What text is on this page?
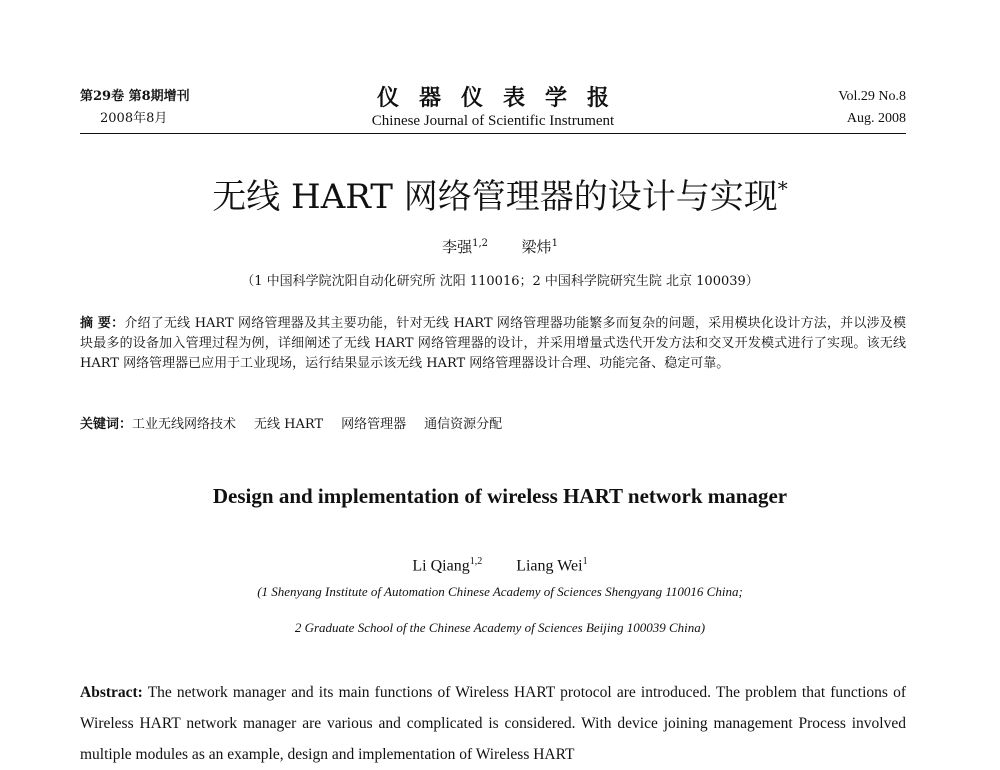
第29卷 第8期增刊
2008年8月
仪器仪表学报
Chinese Journal of Scientific Instrument
Vol.29 No.8
Aug. 2008
无线 HART 网络管理器的设计与实现*
李强$^{1,2}$ 梁炜$^1$
（1 中国科学院沈阳自动化研究所 沈阳 110016；2 中国科学院研究生院 北京 100039）
摘 要：介绍了无线 HART 网络管理器及其主要功能，针对无线 HART 网络管理器功能繁多而复杂的问题，采用模块化设计方法，并以涉及模块最多的设备加入管理过程为例，详细阐述了无线 HART 网络管理器的设计，并采用增量式迭代开发方法和交叉开发模式进行了实现。该无线 HART 网络管理器已应用于工业现场，运行结果显示该无线 HART 网络管理器设计合理、功能完备、稳定可靠。
关键词：工业无线网络技术 无线 HART 网络管理器 通信资源分配
Design and implementation of wireless HART network manager
Li Qiang$^{1,2}$ Liang Wei$^1$
(1 Shenyang Institute of Automation Chinese Academy of Sciences Shengyang 110016 China;
2 Graduate School of the Chinese Academy of Sciences Beijing 100039 China)
Abstract: The network manager and its main functions of Wireless HART protocol are introduced. The problem that functions of Wireless HART network manager are various and complicated is considered. With device joining management Process involved multiple modules as an example, design and implementation of Wireless HART
